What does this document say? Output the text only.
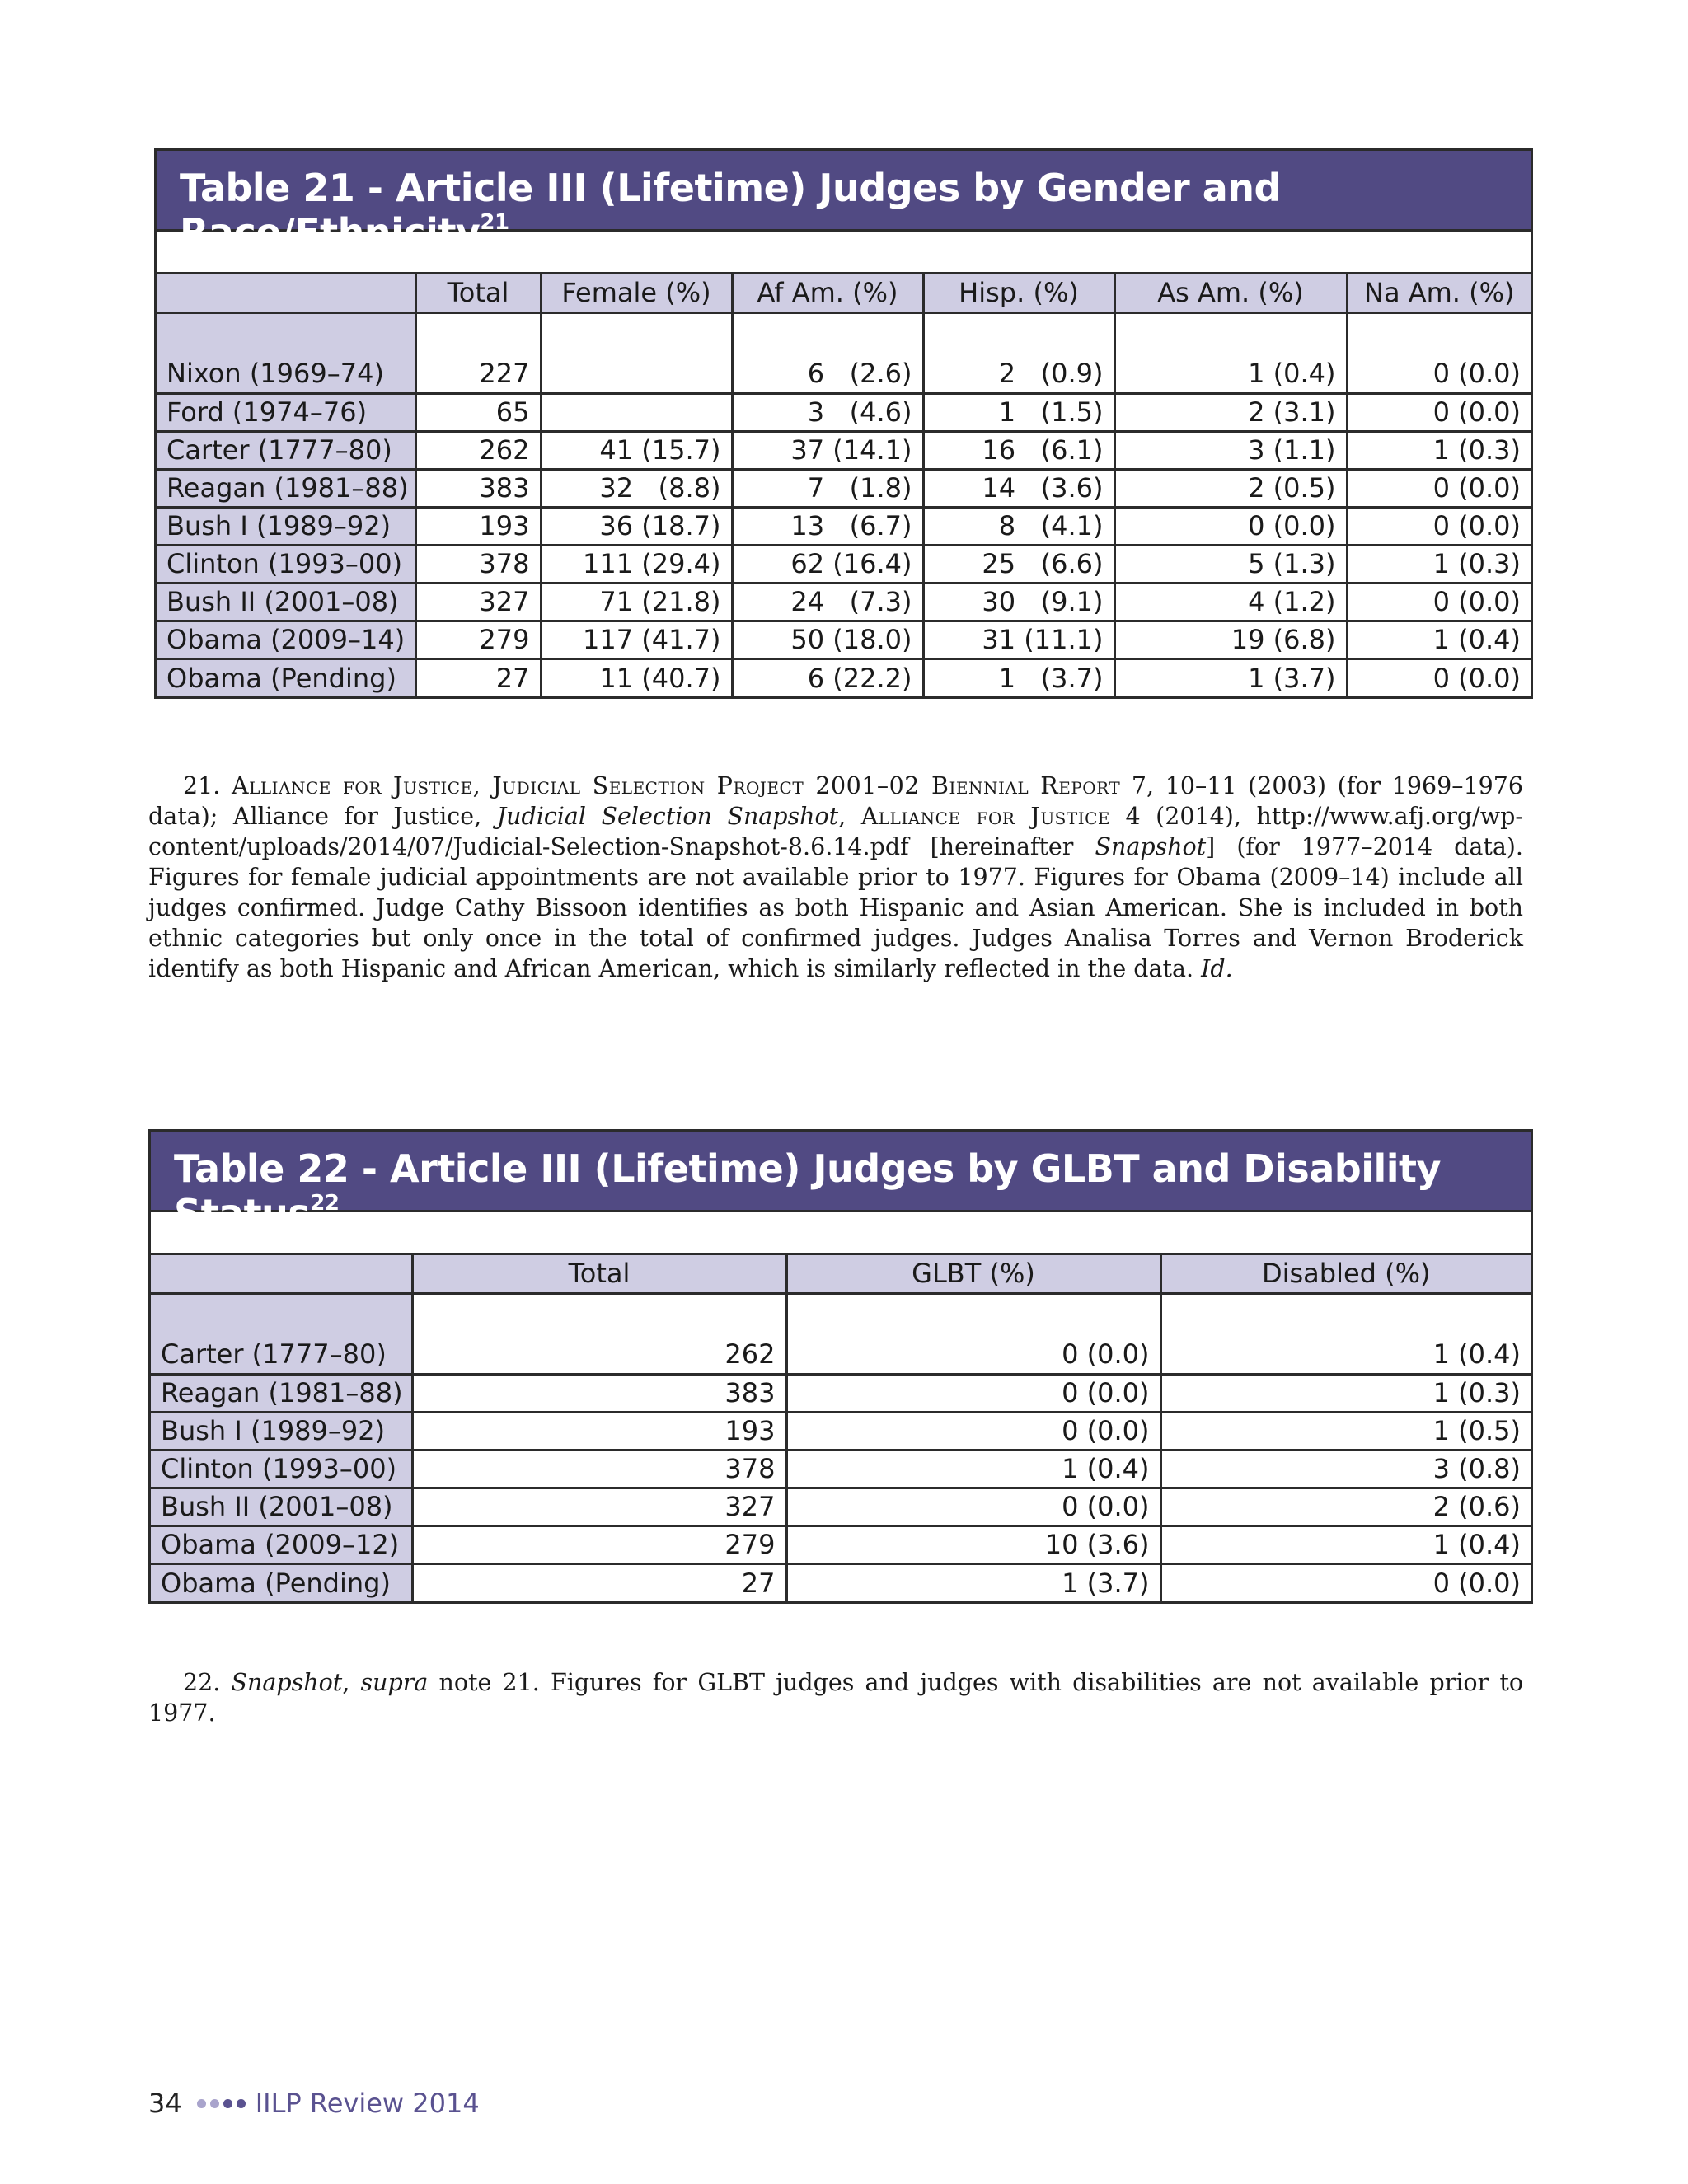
Table 21 - Article III (Lifetime) Judges by Gender and Race/Ethnicity$^{21}$
	Total	Female (%)	Af Am. (%)	Hisp. (%)	As Am. (%)	Na Am. (%)

Nixon (1969–74)	227		6   (2.6)	2   (0.9)	1 (0.4)	0 (0.0)
Ford (1974–76)	65		3   (4.6)	1   (1.5)	2 (3.1)	0 (0.0)
Carter (1777–80)	262	41 (15.7)	37 (14.1)	16   (6.1)	3 (1.1)	1 (0.3)
Reagan (1981–88)	383	32   (8.8)	7   (1.8)	14   (3.6)	2 (0.5)	0 (0.0)
Bush I (1989–92)	193	36 (18.7)	13   (6.7)	8   (4.1)	0 (0.0)	0 (0.0)
Clinton (1993–00)	378	111 (29.4)	62 (16.4)	25   (6.6)	5 (1.3)	1 (0.3)
Bush II (2001–08)	327	71 (21.8)	24   (7.3)	30   (9.1)	4 (1.2)	0 (0.0)
Obama (2009–14)	279	117 (41.7)	50 (18.0)	31 (11.1)	19 (6.8)	1 (0.4)
Obama (Pending)	27	11 (40.7)	6 (22.2)	1   (3.7)	1 (3.7)	0 (0.0)
21. Alliance for Justice, Judicial Selection Project 2001–02 Biennial Report 7, 10–11 (2003) (for 1969–1976 data); Alliance for Justice, Judicial Selection Snapshot, Alliance for Justice 4 (2014), http://www.afj.org/wp-content/uploads/2014/07/Judicial-Selection-Snapshot-8.6.14.pdf [hereinafter Snapshot] (for 1977–2014 data). Figures for female judicial appointments are not available prior to 1977. Figures for Obama (2009–14) include all judges confirmed. Judge Cathy Bissoon identifies as both Hispanic and Asian American. She is included in both ethnic categories but only once in the total of confirmed judges. Judges Analisa Torres and Vernon Broderick identify as both Hispanic and African American, which is similarly reflected in the data. Id.
Table 22 - Article III (Lifetime) Judges by GLBT and Disability Status$^{22}$
	Total	GLBT (%)	Disabled (%)

Carter (1777–80)	262	0 (0.0)	1 (0.4)
Reagan (1981–88)	383	0 (0.0)	1 (0.3)
Bush I (1989–92)	193	0 (0.0)	1 (0.5)
Clinton (1993–00)	378	1 (0.4)	3 (0.8)
Bush II (2001–08)	327	0 (0.0)	2 (0.6)
Obama (2009–12)	279	10 (3.6)	1 (0.4)
Obama (Pending)	27	1 (3.7)	0 (0.0)
22. Snapshot, supra note 21. Figures for GLBT judges and judges with disabilities are not available prior to 1977.
34	IILP Review 2014
